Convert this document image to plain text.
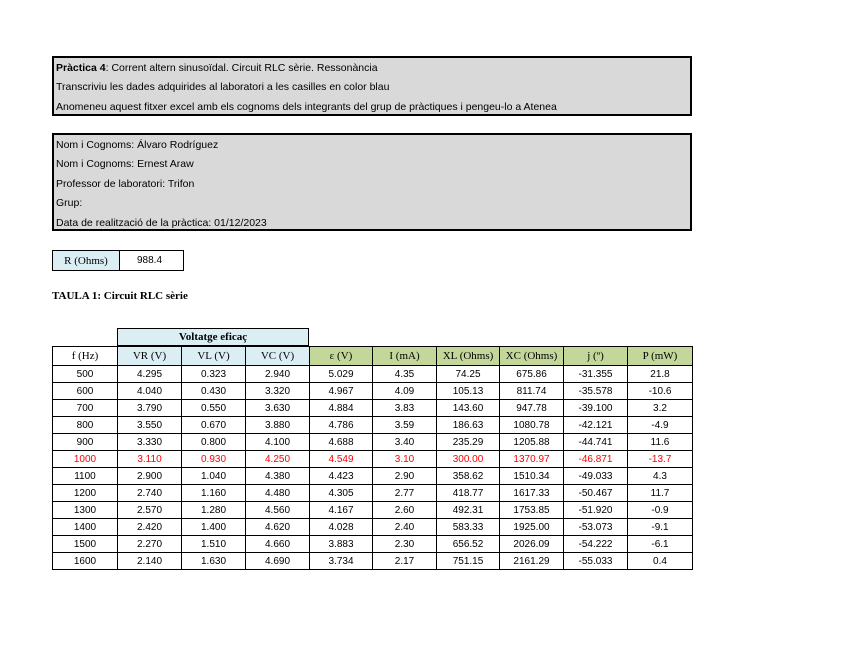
Pràctica 4: Corrent altern sinusoïdal. Circuit RLC sèrie. Ressonància
Transcriviu les dades adquirides al laboratori a les casilles en color blau
Anomeneu aquest fitxer excel amb els cognoms dels integrants del grup de pràctiques i pengeu-lo a Atenea
Nom i Cognoms: Álvaro Rodríguez
Nom i Cognoms: Ernest Araw
Professor de laboratori: Trifon
Grup:
Data de realització de la pràctica: 01/12/2023
R (Ohms)	988.4
TAULA 1: Circuit RLC sèrie
Voltatge eficaç
f (Hz)	VR (V)	VL (V)	VC (V)	ε (V)	I (mA)	XL (Ohms)	XC (Ohms)	j (º)	P (mW)
500	4.295	0.323	2.940	5.029	4.35	74.25	675.86	-31.355	21.8
600	4.040	0.430	3.320	4.967	4.09	105.13	811.74	-35.578	-10.6
700	3.790	0.550	3.630	4.884	3.83	143.60	947.78	-39.100	3.2
800	3.550	0.670	3.880	4.786	3.59	186.63	1080.78	-42.121	-4.9
900	3.330	0.800	4.100	4.688	3.40	235.29	1205.88	-44.741	11.6
1000	3.110	0.930	4.250	4.549	3.10	300.00	1370.97	-46.871	-13.7
1100	2.900	1.040	4.380	4.423	2.90	358.62	1510.34	-49.033	4.3
1200	2.740	1.160	4.480	4.305	2.77	418.77	1617.33	-50.467	11.7
1300	2.570	1.280	4.560	4.167	2.60	492.31	1753.85	-51.920	-0.9
1400	2.420	1.400	4.620	4.028	2.40	583.33	1925.00	-53.073	-9.1
1500	2.270	1.510	4.660	3.883	2.30	656.52	2026.09	-54.222	-6.1
1600	2.140	1.630	4.690	3.734	2.17	751.15	2161.29	-55.033	0.4
